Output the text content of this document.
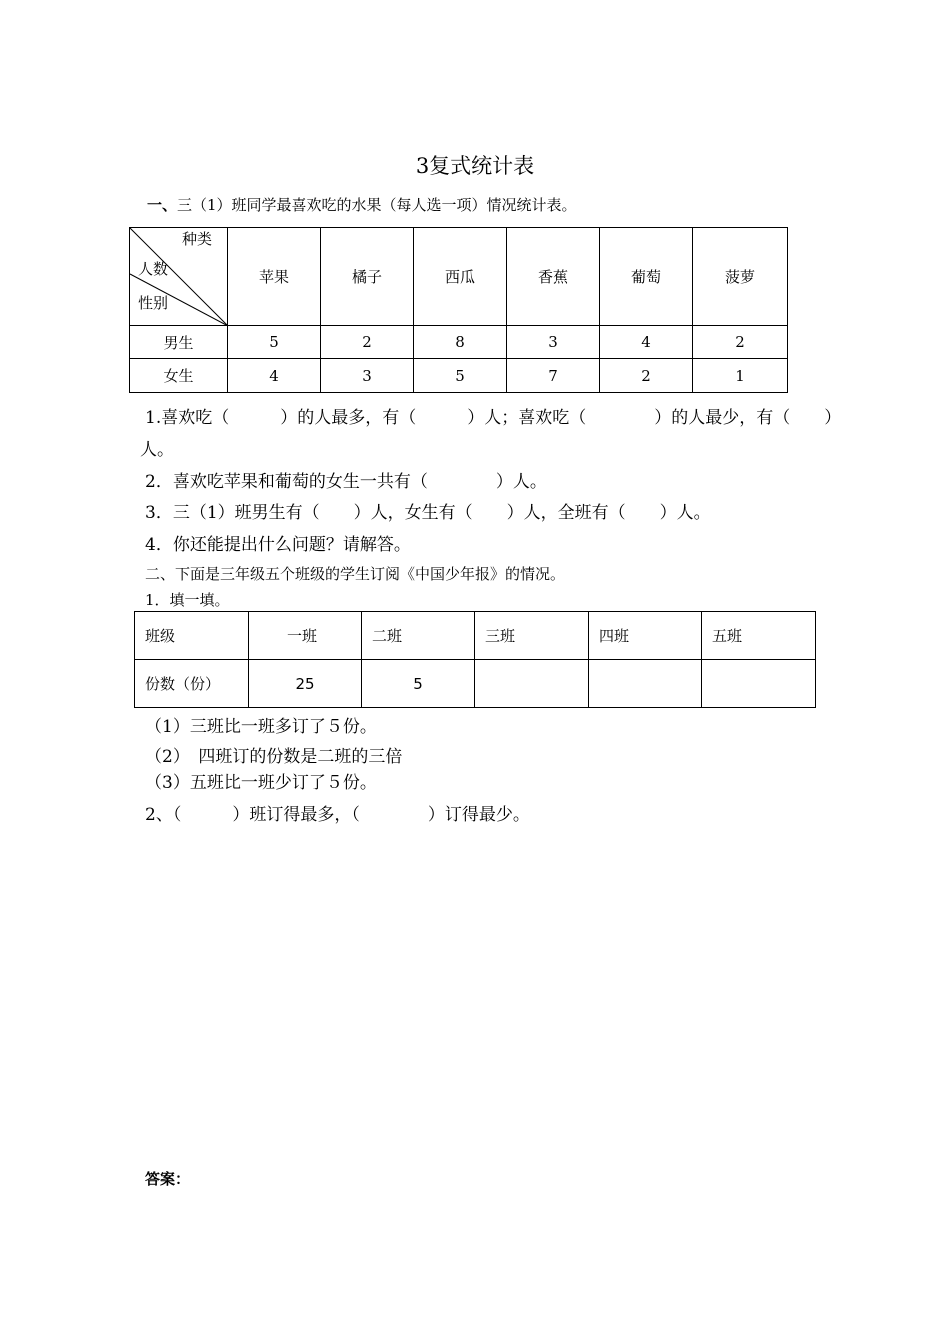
3复式统计表
一、三（1）班同学最喜欢吃的水果（每人选一项）情况统计表。
种类
人数
性别	苹果	橘子	西瓜	香蕉	葡萄	菠萝
男生	5	2	8	3	4	2
女生	4	3	5	7	2	1
1.喜欢吃（　　　）的人最多，有（　　　）人；喜欢吃（　　　　）的人最少，有（　　）
人。
2．喜欢吃苹果和葡萄的女生一共有（　　　　）人。
3．三（1）班男生有（　　）人，女生有（　　）人，全班有（　　）人。
4．你还能提出什么问题？请解答。
二、下面是三年级五个班级的学生订阅《中国少年报》的情况。
1．填一填。
班级	一班	二班	三班	四班	五班
份数（份）	25	5			
（1）三班比一班多订了５份。
（2）　四班订的份数是二班的三倍
（3）五班比一班少订了５份。
2、（　　　）班订得最多，（　　　　）订得最少。
答案：
